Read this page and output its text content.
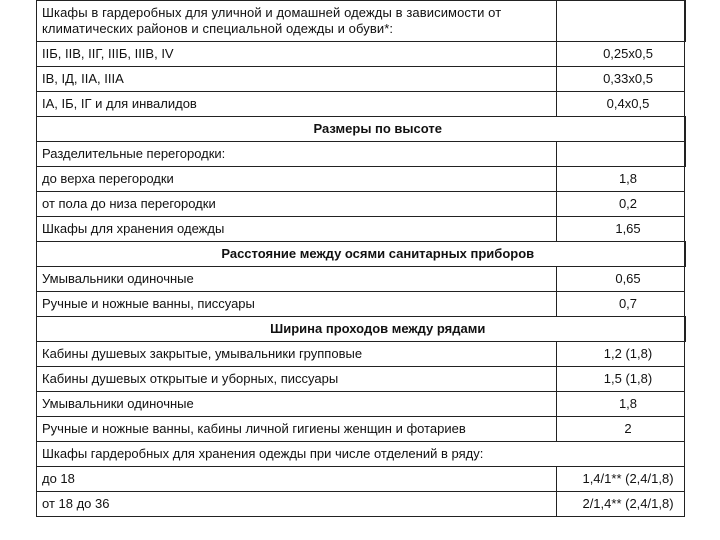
Шкафы в гардеробных для уличной и домашней одежды в зависимости от климатических районов и специальной одежды и обуви*:	
IIБ, IIВ, IIГ, IIIБ, IIIВ, IV	0,25х0,5
IВ, IД, IIА, IIIА	0,33х0,5
IА, IБ, IГ и для инвалидов	0,4х0,5
Размеры по высоте	
Разделительные перегородки:	
до верха перегородки	1,8
от пола до низа перегородки	0,2
Шкафы для хранения одежды	1,65
Расстояние между осями санитарных приборов	
Умывальники одиночные	0,65
Ручные и ножные ванны, писсуары	0,7
Ширина проходов между рядами	
Кабины душевых закрытые, умывальники групповые	1,2 (1,8)
Кабины душевых открытые и уборных, писсуары	1,5 (1,8)
Умывальники одиночные	1,8
Ручные и ножные ванны, кабины личной гигиены женщин и фотариев	2
Шкафы гардеробных для хранения одежды при числе отделений в ряду:	
до 18	1,4/1** (2,4/1,8)
от 18 до 36	2/1,4** (2,4/1,8)
